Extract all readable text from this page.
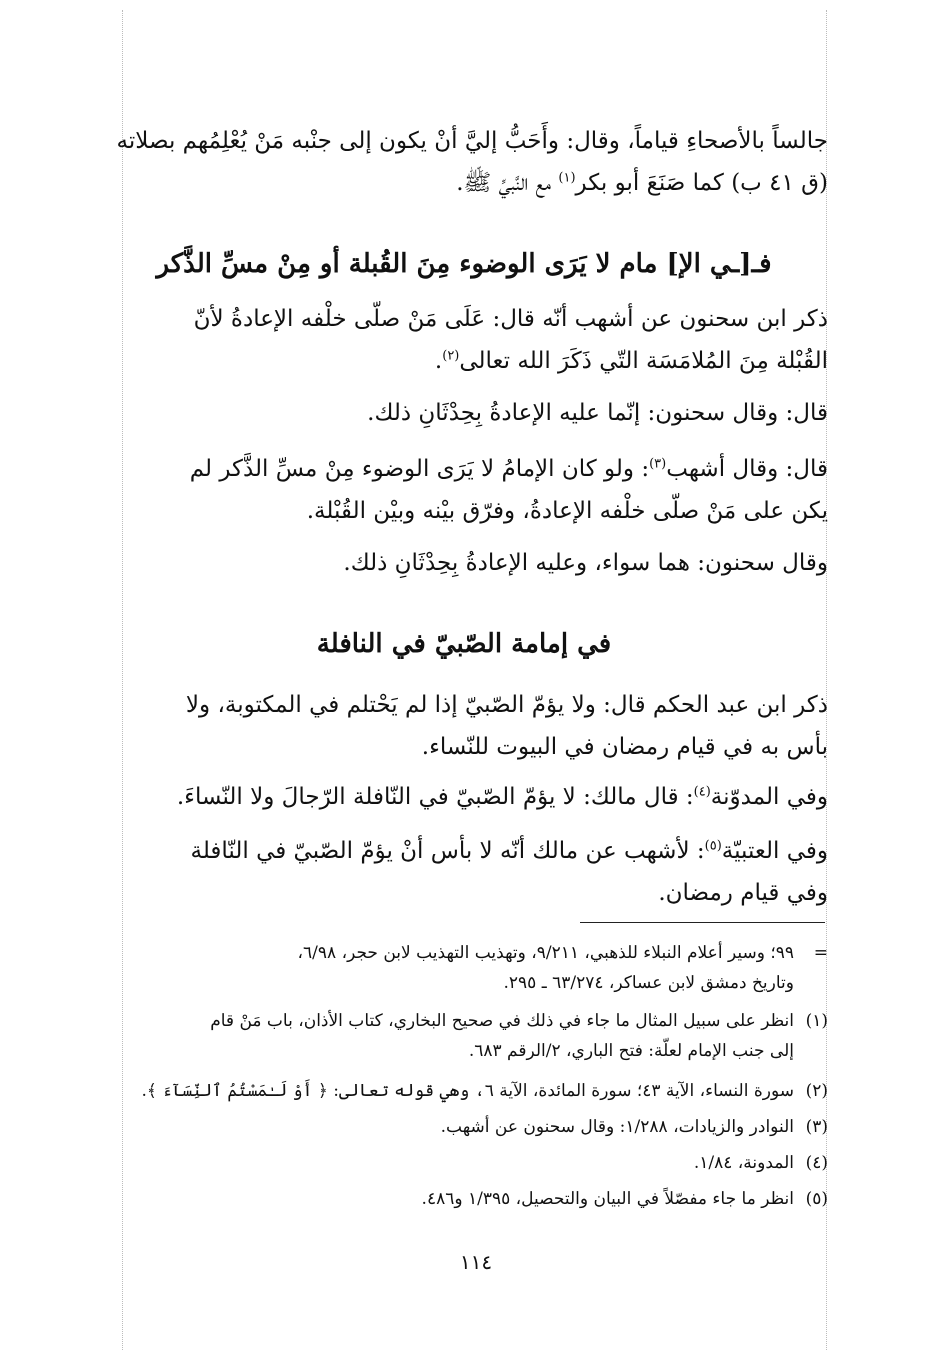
جالساً بالأصحاءِ قياماً، وقال: وأَحَبُّ إليَّ أنْ يكون إلى جنْبه مَنْ يُعْلِمُهم بصلاته

(ق ٤١ ب) كما صَنَعَ أبو بكر$^{(١)}$ مع النَّبيِّ ﷺ.

فـ[ـي الإ] مام لا يَرَى الوضوء مِنَ القُبلة أو مِنْ مسِّ الذَّكر

ذكر ابن سحنون عن أشهب أنّه قال: عَلَى مَنْ صلّى خلْفه الإعادةُ لأنّ

القُبْلة مِنَ المُلامَسَة التّي ذَكَرَ الله تعالى$^{(٢)}$.

قال: وقال سحنون: إنّما عليه الإعادةُ بِحِدْثَانِ ذلك.

قال: وقال أشهب$^{(٣)}$: ولو كان الإمامُ لا يَرَى الوضوء مِنْ مسِّ الذَّكر لم

يكن على مَنْ صلّى خلْفه الإعادةُ، وفرّق بيْنه وبيْن القُبْلة.

وقال سحنون: هما سواء، وعليه الإعادةُ بِحِدْثَانِ ذلك.

في إمامة الصّبيّ في النافلة

ذكر ابن عبد الحكم قال: ولا يؤمّ الصّبيّ إذا لم يَحْتلم في المكتوبة، ولا

بأس به في قيام رمضان في البيوت للنّساء.

وفي المدوّنة$^{(٤)}$: قال مالك: لا يؤمّ الصّبيّ في النّافلة الرّجالَ ولا النّساءَ.

وفي العتبيّة$^{(٥)}$: لأشهب عن مالك أنّه لا بأس أنْ يؤمّ الصّبيّ في النّافلة

وفي قيام رمضان.

=٩٩؛ وسير أعلام النبلاء للذهبي، ٩/٢١١، وتهذيب التهذيب لابن حجر، ٦/٩٨،
وتاريخ دمشق لابن عساكر، ٦٣/٢٧٤ ـ ٢٩٥.
(١)انظر على سبيل المثال ما جاء في ذلك في صحيح البخاري، كتاب الأذان، باب مَنْ قام
إلى جنب الإمام لعلّة: فتح الباري، ٢/الرقم ٦٨٣.
(٢)سورة النساء، الآية ٤٣؛ سورة المائدة، الآية ٦، وهي قوله تعالى: ﴿ أَوْ لَـٰمَسْتُمُ ٱلنِّسَآءَ ﴾.
(٣)النوادر والزيادات، ١/٢٨٨: وقال سحنون عن أشهب.
(٤)المدونة، ١/٨٤.
(٥)انظر ما جاء مفصّلاً في البيان والتحصيل، ١/٣٩٥ و٤٨٦.
١١٤
